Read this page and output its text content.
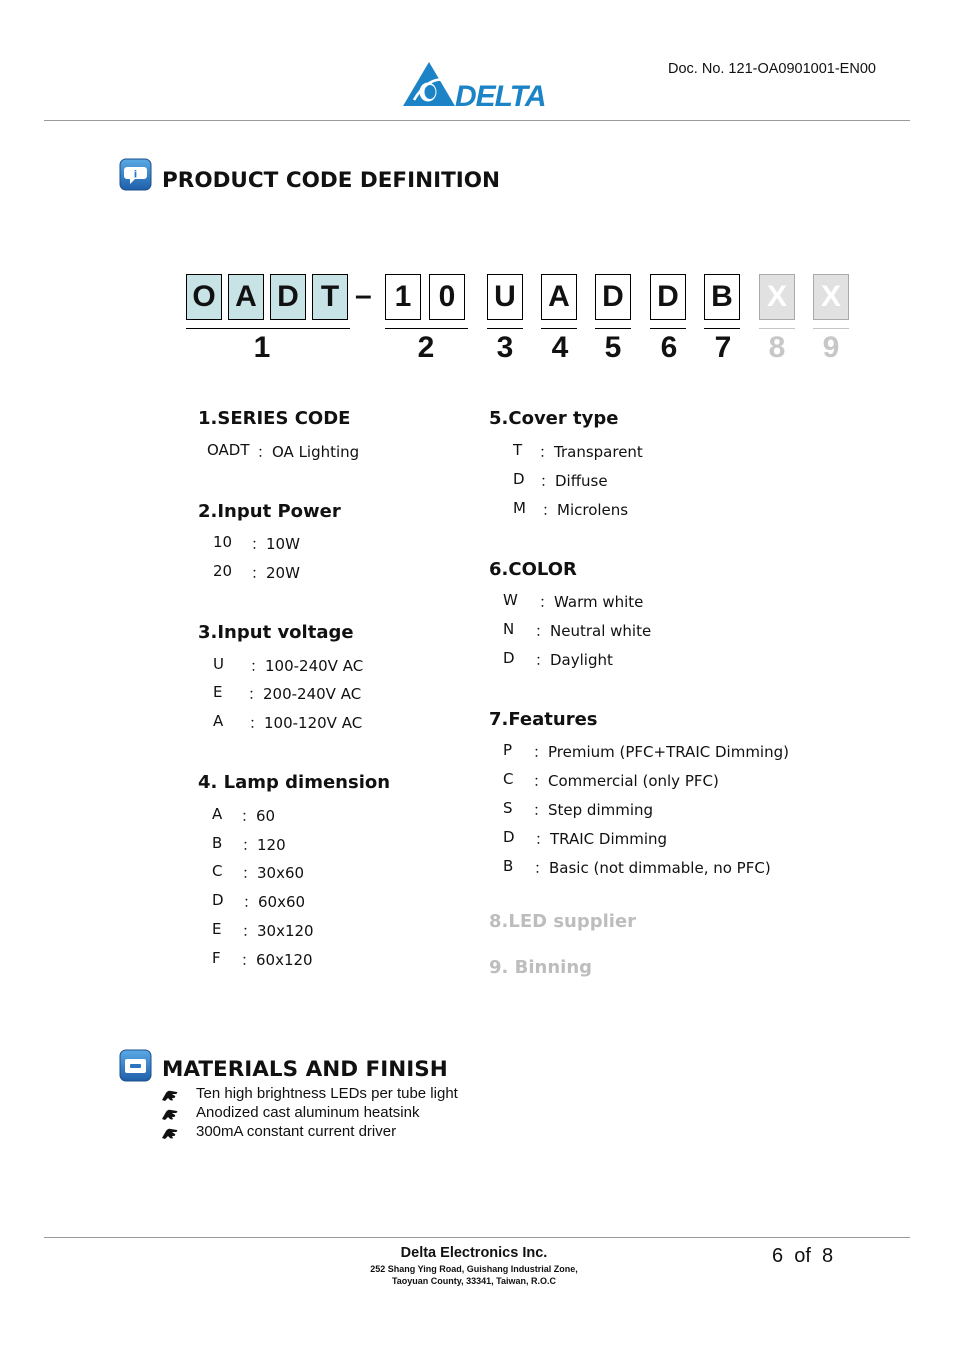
Doc. No. 121-OA0901001-EN00
DELTA
i PRODUCT CODE DEFINITION
O A D T – 1 0	U A D D B X X
1	2 3 4 5 6 7 8 9
1.SERIES CODE
OADT ：OA Lighting
2.Input Power
10 ：10W
20 ：20W
3.Input voltage
U ：100-240V AC
E ：200-240V AC
A ：100-120V AC
4. Lamp dimension
A ：60
B ：120
C ：30x60
D ：60x60
E ：30x120
F ：60x120
5.Cover type
T ：Transparent
D ：Diffuse
M ：Microlens
6.COLOR
W ：Warm white
N ：Neutral white
D ：Daylight
7.Features
P ：Premium (PFC+TRAIC Dimming)
C ：Commercial (only PFC)
S ：Step dimming
D ：TRAIC Dimming
B ：Basic (not dimmable, no PFC)
8.LED supplier
9. Binning
MATERIALS AND FINISH
Ten high brightness LEDs per tube light
Anodized cast aluminum heatsink
300mA constant current driver
Delta Electronics Inc.
252 Shang Ying Road, Guishang Industrial Zone,
Taoyuan County, 33341, Taiwan, R.O.C
6  of  8
